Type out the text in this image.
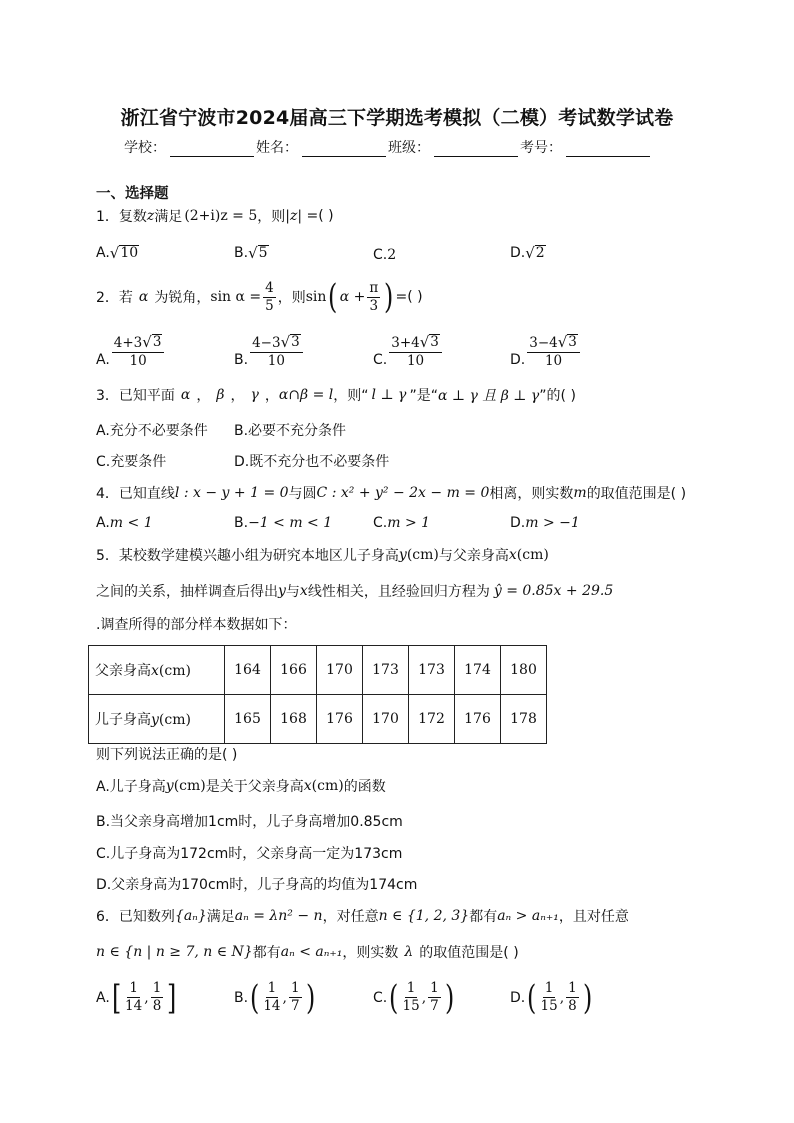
浙江省宁波市2024届高三下学期选考模拟（二模）考试数学试卷
学校：	姓名：	班级：	考号：
一、选择题
1．复数 z 满足 (2+i)z = 5 ，则 |z| = ( )
A. √ 10	B. √ 5	C. 2	D. √ 2
2．若 α 为锐角， $\sin \alpha = \frac{4}{5}$ ，则 sin ( $\alpha + \frac{\pi}{3}$ ) =( )
A. $\frac{4+3 √ 3}{10}$	B. $\frac{4-3 √ 3}{10}$	C. $\frac{3+4 √ 3}{10}$	D. $\frac{3-4 √ 3}{10}$
3．已知平面 α ， β ， γ ， α∩β = l ，则“ l ⊥ γ ”是“ α ⊥ γ 且 β ⊥ γ ”的( )
A.充分不必要条件 B.必要不充分条件
C.充要条件	D.既不充分也不必要条件
4．已知直线 l : x − y + 1 = 0 与圆 C : x² + y² − 2x − m = 0 相离，则实数 m 的取值范围是( )
A. m < 1	B. −1 < m < 1	C. m > 1	D. m > −1
5．某校数学建模兴趣小组为研究本地区儿子身高 y (cm) 与父亲身高 x (cm)
之间的关系，抽样调查后得出 y 与 x 线性相关，且经验回归方程为 ŷ = 0.85x + 29.5
.调查所得的部分样本数据如下：
父亲身高x(cm)	164	166	170	173	173	174	180
儿子身高y(cm)	165	168	176	170	172	176	178
则下列说法正确的是( )
A.儿子身高 y (cm) 是关于父亲身高 x (cm) 的函数
B.当父亲身高增加1cm时，儿子身高增加0.85cm
C.儿子身高为172cm时，父亲身高一定为173cm
D.父亲身高为170cm时，儿子身高的均值为174cm
6．已知数列 {aₙ} 满足 aₙ = λn² − n ，对任意 n ∈ {1, 2, 3} 都有 aₙ > aₙ₊₁ ，且对任意
n ∈ {n | n ≥ 7, n ∈ N} 都有 aₙ < aₙ₊₁ ，则实数 λ 的取值范围是( )
A. [ $\frac{1}{14}$ , $\frac{1}{8}$ ]	B. ( $\frac{1}{14}$ , $\frac{1}{7}$ )	C. ( $\frac{1}{15}$ , $\frac{1}{7}$ )	D. ( $\frac{1}{15}$ , $\frac{1}{8}$ )
